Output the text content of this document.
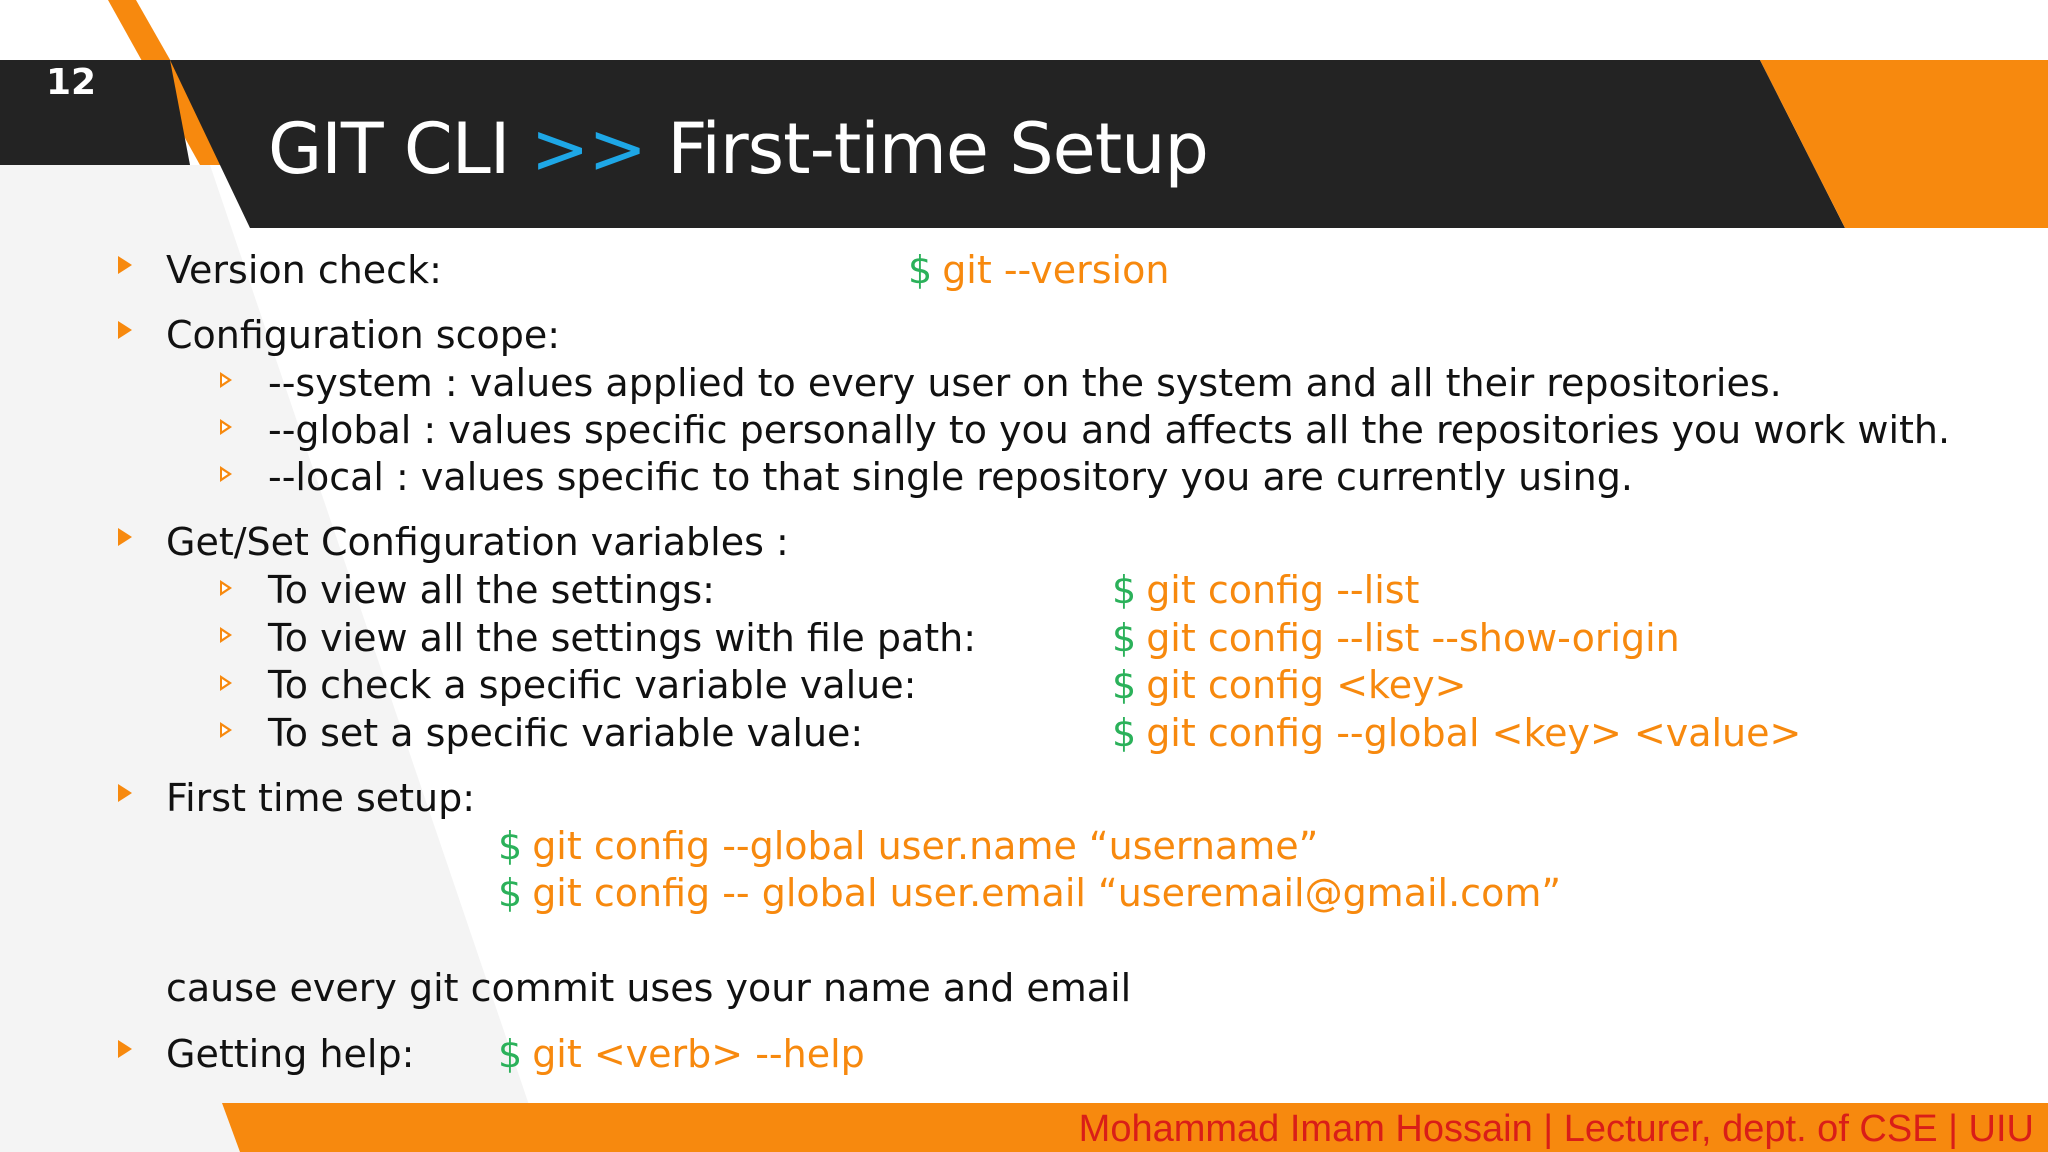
12
GIT CLI >> First-time Setup
Version check:	$ git --version
Configuration scope:
--system : values applied to every user on the system and all their repositories.
--global : values specific personally to you and affects all the repositories you work with.
--local : values specific to that single repository you are currently using.
Get/Set Configuration variables :
To view all the settings:	$ git config --list
To view all the settings with file path:	$ git config --list --show-origin
To check a specific variable value:	$ git config <key>
To set a specific variable value:	$ git config --global <key> <value>
First time setup:
$ git config --global user.name “username”
$ git config -- global user.email “useremail@gmail.com”
cause every git commit uses your name and email
Getting help: $ git <verb> --help
Mohammad Imam Hossain | Lecturer, dept. of CSE | UIU
